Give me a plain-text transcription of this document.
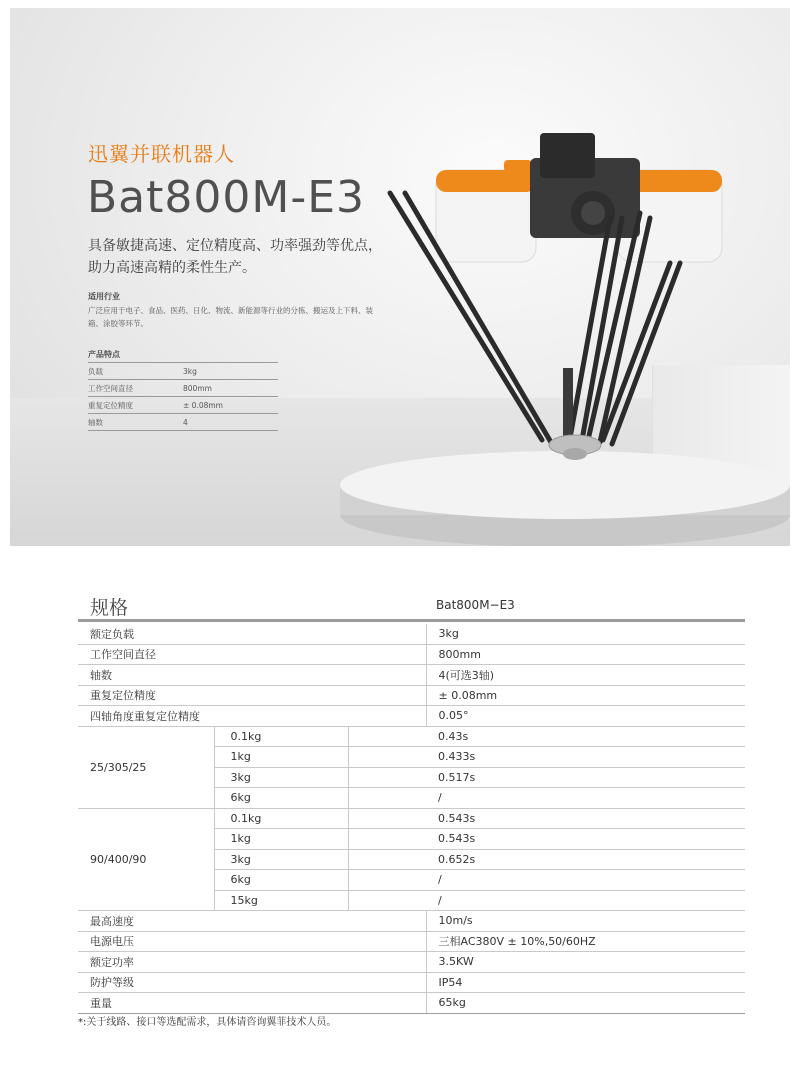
迅翼并联机器人
Bat800M-E3
具备敏捷高速、定位精度高、功率强劲等优点，
助力高速高精的柔性生产。
适用行业
广泛应用于电子、食品、医药、日化、物流、新能源等行业的分拣、搬运及上下料、装箱、涂胶等环节。
产品特点
负载	3kg
工作空间直径	800mm
重复定位精度	± 0.08mm
轴数	4
规格	Bat800M−E3
额定负载			3kg
工作空间直径			800mm
轴数			4(可选3轴)
重复定位精度			± 0.08mm
四轴角度重复定位精度			0.05°
25/305/25	0.1kg		0.43s
	1kg		0.433s
	3kg		0.517s
	6kg		/
90/400/90	0.1kg		0.543s
	1kg		0.543s
	3kg		0.652s
	6kg		/
	15kg		/
最高速度			10m/s
电源电压			三相AC380V ± 10%,50/60HZ
额定功率			3.5KW
防护等级			IP54
重量			65kg
*:关于线路、接口等选配需求，具体请咨询翼菲技术人员。
